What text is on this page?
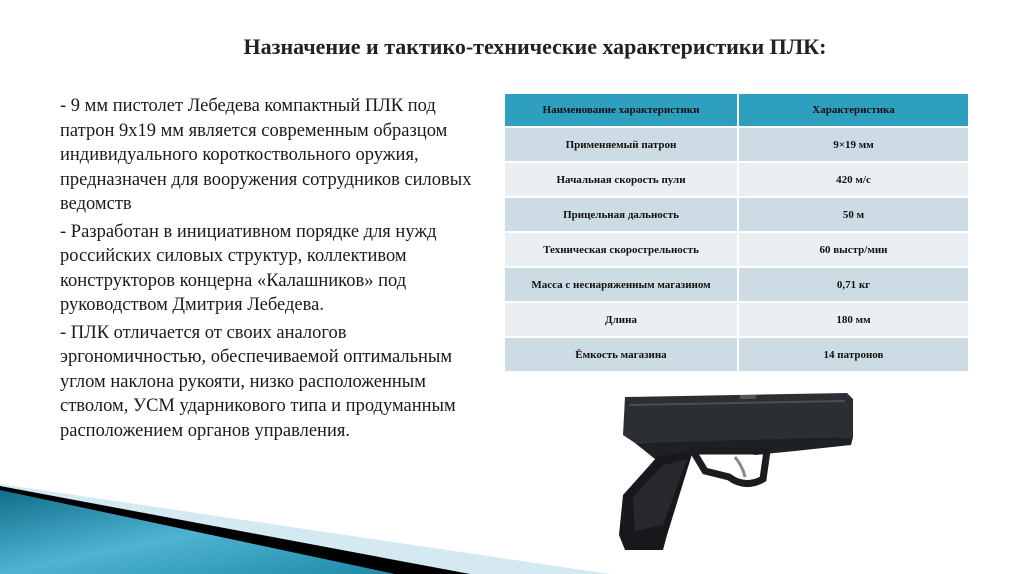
Назначение и тактико-технические характеристики ПЛК:

- 9 мм пистолет Лебедева компактный ПЛК под патрон 9х19 мм является современным образцом индивидуального короткоствольного оружия, предназначен для вооружения сотрудников силовых ведомств

- Разработан в инициативном порядке для нужд российских силовых структур, коллективом конструкторов концерна «Калашников» под руководством Дмитрия Лебедева.

- ПЛК отличается от своих аналогов эргономичностью, обеспечиваемой оптимальным углом наклона рукояти, низко расположенным стволом, УСМ ударникового типа и продуманным расположением органов управления.

Наименование характеристики	Характеристика
Применяемый патрон	9×19 мм
Начальная скорость пули	420 м/с
Прицельная дальность	50 м
Техническая скорострельность	60 выстр/мин
Масса с неснаряженным магазином	0,71 кг
Длина	180 мм
Ёмкость магазина	14 патронов
